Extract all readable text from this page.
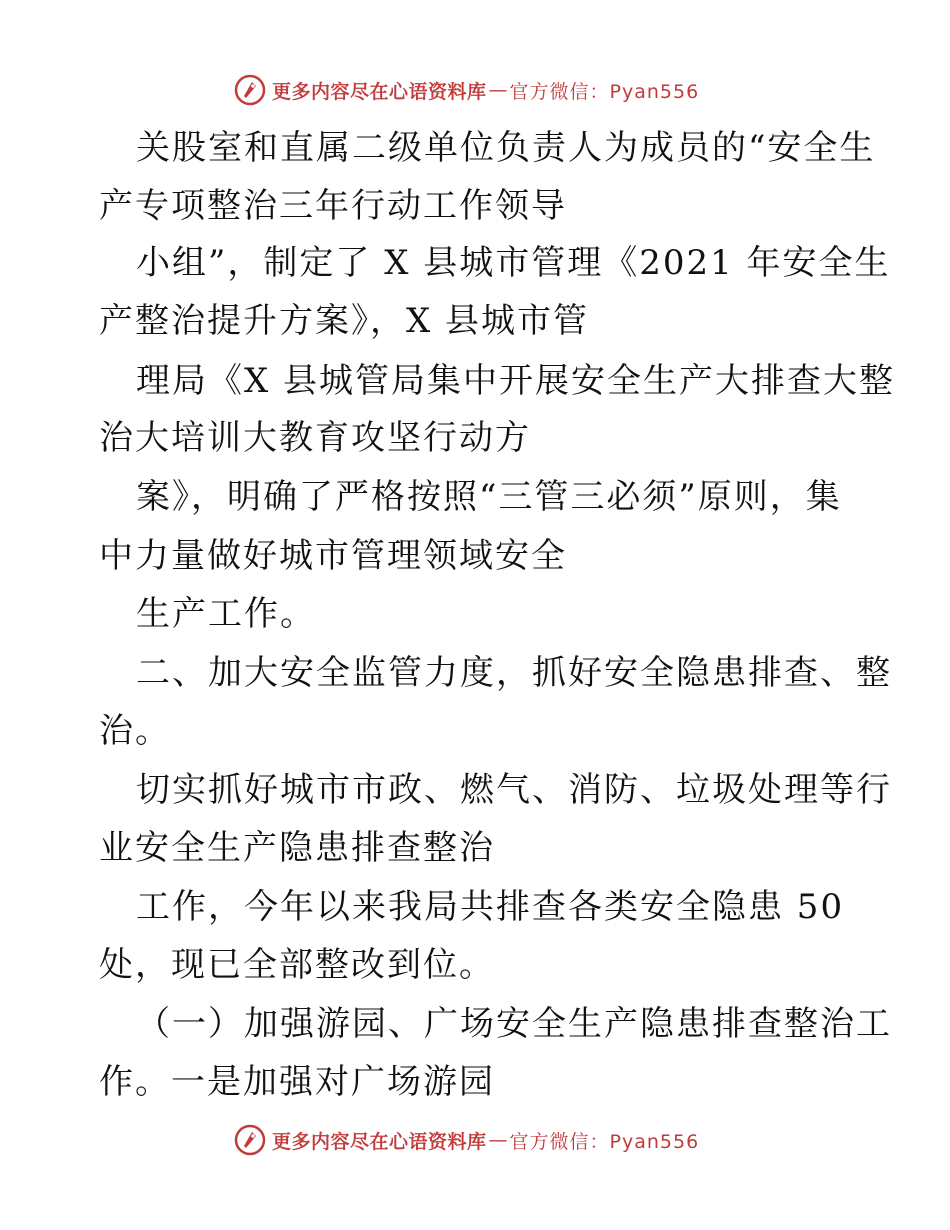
更多内容尽在心语资料库 — 官方微信：Pyan556
关股室和直属二级单位负责人为成员的“安全生
产专项整治三年行动工作领导
小组”，制定了 X 县城市管理《2021 年安全生
产整治提升方案》，X 县城市管
理局《X 县城管局集中开展安全生产大排查大整
治大培训大教育攻坚行动方
案》，明确了严格按照“三管三必须”原则，集
中力量做好城市管理领域安全
生产工作。
二、加大安全监管力度，抓好安全隐患排查、整
治。
切实抓好城市市政、燃气、消防、垃圾处理等行
业安全生产隐患排查整治
工作，今年以来我局共排查各类安全隐患 50
处，现已全部整改到位。
（一）加强游园、广场安全生产隐患排查整治工
作。一是加强对广场游园
更多内容尽在心语资料库 — 官方微信：Pyan556
